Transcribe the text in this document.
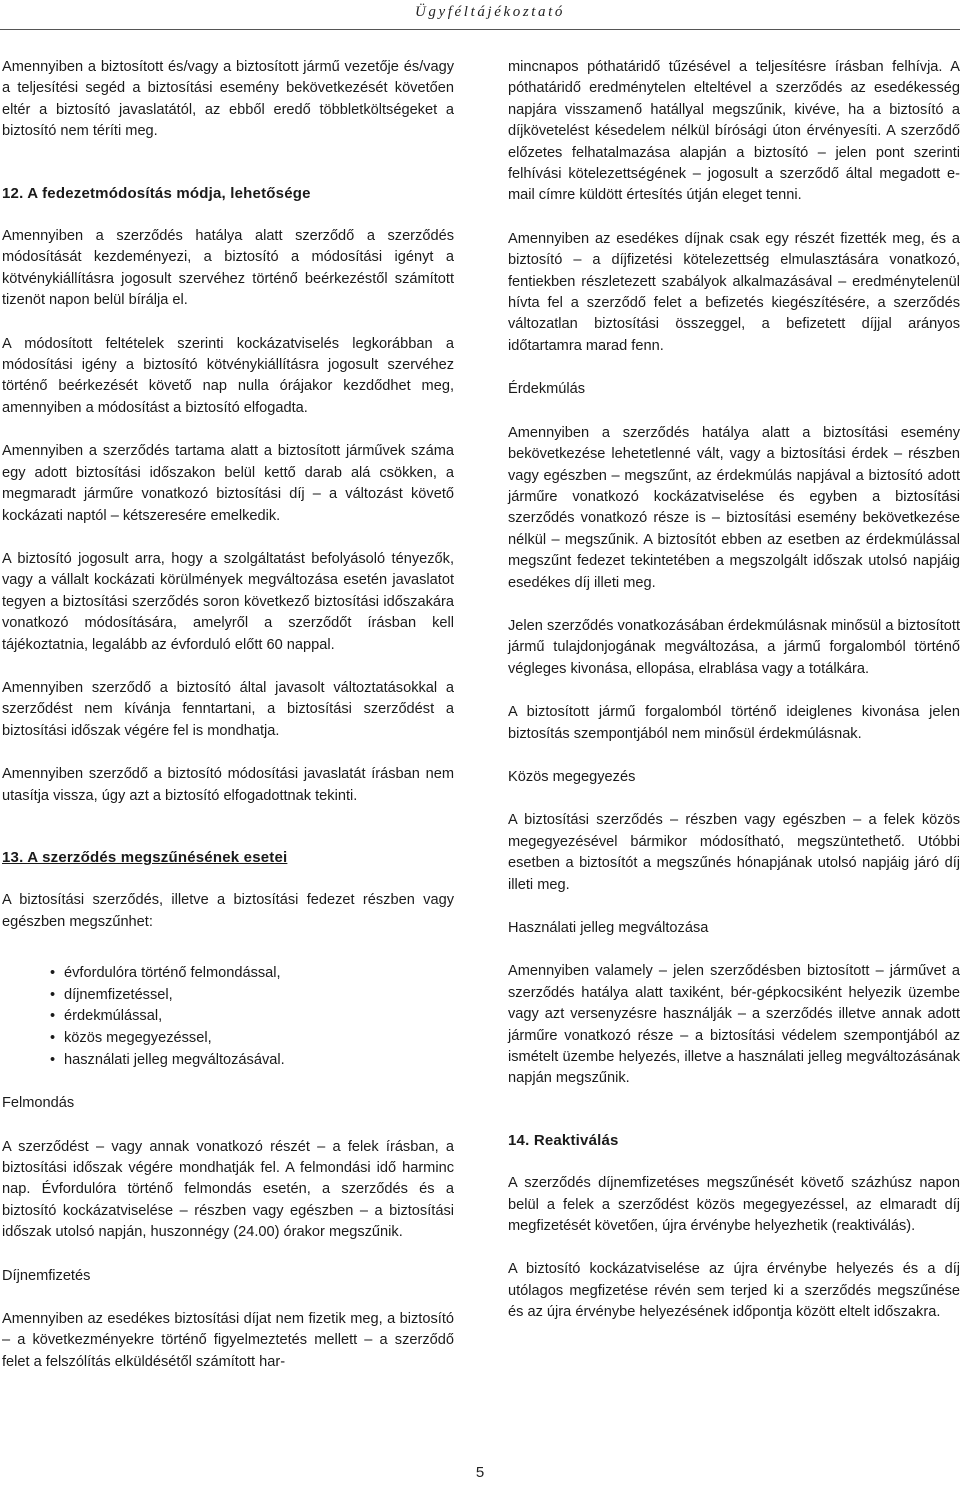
Ügyféltájékoztató

Amennyiben a biztosított és/vagy a biztosított jármű vezetője és/vagy a teljesítési segéd a biztosítási esemény bekövetkezését követően eltér a biztosító javaslatától, az ebből eredő többletköltségeket a biztosító nem téríti meg.

12. A fedezetmódosítás módja, lehetősége

Amennyiben a szerződés hatálya alatt szerződő a szerződés módosítását kezdeményezi, a biztosító a módosítási igényt a kötvénykiállításra jogosult szervéhez történő beérkezéstől számított tizenöt napon belül bírálja el.

A módosított feltételek szerinti kockázatviselés legkorábban a módosítási igény a biztosító kötvénykiállításra jogosult szervéhez történő beérkezését követő nap nulla órájakor kezdődhet meg, amennyiben a módosítást a biztosító elfogadta.

Amennyiben a szerződés tartama alatt a biztosított járművek száma egy adott biztosítási időszakon belül kettő darab alá csökken, a megmaradt járműre vonatkozó biztosítási díj – a változást követő kockázati naptól – kétszeresére emelkedik.

A biztosító jogosult arra, hogy a szolgáltatást befolyásoló tényezők, vagy a vállalt kockázati körülmények megváltozása esetén javaslatot tegyen a biztosítási szerződés soron következő biztosítási időszakára vonatkozó módosítására, amelyről a szerződőt írásban kell tájékoztatnia, legalább az évforduló előtt 60 nappal.

Amennyiben szerződő a biztosító által javasolt változtatásokkal a szerződést nem kívánja fenntartani, a biztosítási szerződést a biztosítási időszak végére fel is mondhatja.

Amennyiben szerződő a biztosító módosítási javaslatát írásban nem utasítja vissza, úgy azt a biztosító elfogadottnak tekinti.

13. A szerződés megszűnésének esetei

A biztosítási szerződés, illetve a biztosítási fedezet részben vagy egészben megszűnhet:

• évfordulóra történő felmondással,
• díjnemfizetéssel,
• érdekmúlással,
• közös megegyezéssel,
• használati jelleg megváltozásával.

Felmondás

A szerződést – vagy annak vonatkozó részét – a felek írásban, a biztosítási időszak végére mondhatják fel. A felmondási idő harminc nap. Évfordulóra történő felmondás esetén, a szerződés és a biztosító kockázatviselése – részben vagy egészben – a biztosítási időszak utolsó napján, huszonnégy (24.00) órakor megszűnik.

Díjnemfizetés

Amennyiben az esedékes biztosítási díjat nem fizetik meg, a biztosító – a következményekre történő figyelmeztetés mellett – a szerződő felet a felszólítás elküldésétől számított har-

mincnapos póthatáridő tűzésével a teljesítésre írásban felhívja. A póthatáridő eredménytelen elteltével a szerződés az esedékesség napjára visszamenő hatállyal megszűnik, kivéve, ha a biztosító a díjkövetelést késedelem nélkül bírósági úton érvényesíti. A szerződő előzetes felhatalmazása alapján a biztosító – jelen pont szerinti felhívási kötelezettségének – jogosult a szerződő által megadott e-mail címre küldött értesítés útján eleget tenni.

Amennyiben az esedékes díjnak csak egy részét fizették meg, és a biztosító – a díjfizetési kötelezettség elmulasztására vonatkozó, fentiekben részletezett szabályok alkalmazásával – eredménytelenül hívta fel a szerződő felet a befizetés kiegészítésére, a szerződés változatlan biztosítási összeggel, a befizetett díjjal arányos időtartamra marad fenn.

Érdekmúlás

Amennyiben a szerződés hatálya alatt a biztosítási esemény bekövetkezése lehetetlenné vált, vagy a biztosítási érdek – részben vagy egészben – megszűnt, az érdekmúlás napjával a biztosító adott járműre vonatkozó kockázatviselése és egyben a biztosítási szerződés vonatkozó része is – biztosítási esemény bekövetkezése nélkül – megszűnik. A biztosítót ebben az esetben az érdekmúlással megszűnt fedezet tekintetében a megszolgált időszak utolsó napjáig esedékes díj illeti meg.

Jelen szerződés vonatkozásában érdekmúlásnak minősül a biztosított jármű tulajdonjogának megváltozása, a jármű forgalomból történő végleges kivonása, ellopása, elrablása vagy a totálkára.

A biztosított jármű forgalomból történő ideiglenes kivonása jelen biztosítás szempontjából nem minősül érdekmúlásnak.

Közös megegyezés

A biztosítási szerződés – részben vagy egészben – a felek közös megegyezésével bármikor módosítható, megszüntethető. Utóbbi esetben a biztosítót a megszűnés hónapjának utolsó napjáig járó díj illeti meg.

Használati jelleg megváltozása

Amennyiben valamely – jelen szerződésben biztosított – járművet a szerződés hatálya alatt taxiként, bér-gépkocsiként helyezik üzembe vagy azt versenyzésre használják – a szerződés illetve annak adott járműre vonatkozó része – a biztosítási védelem szempontjából az ismételt üzembe helyezés, illetve a használati jelleg megváltozásának napján megszűnik.

14. Reaktiválás

A szerződés díjnemfizetéses megszűnését követő százhúsz napon belül a felek a szerződést közös megegyezéssel, az elmaradt díj megfizetését követően, újra érvénybe helyezhetik (reaktiválás).

A biztosító kockázatviselése az újra érvénybe helyezés és a díj utólagos megfizetése révén sem terjed ki a szerződés megszűnése és az újra érvénybe helyezésének időpontja között eltelt időszakra.

5
